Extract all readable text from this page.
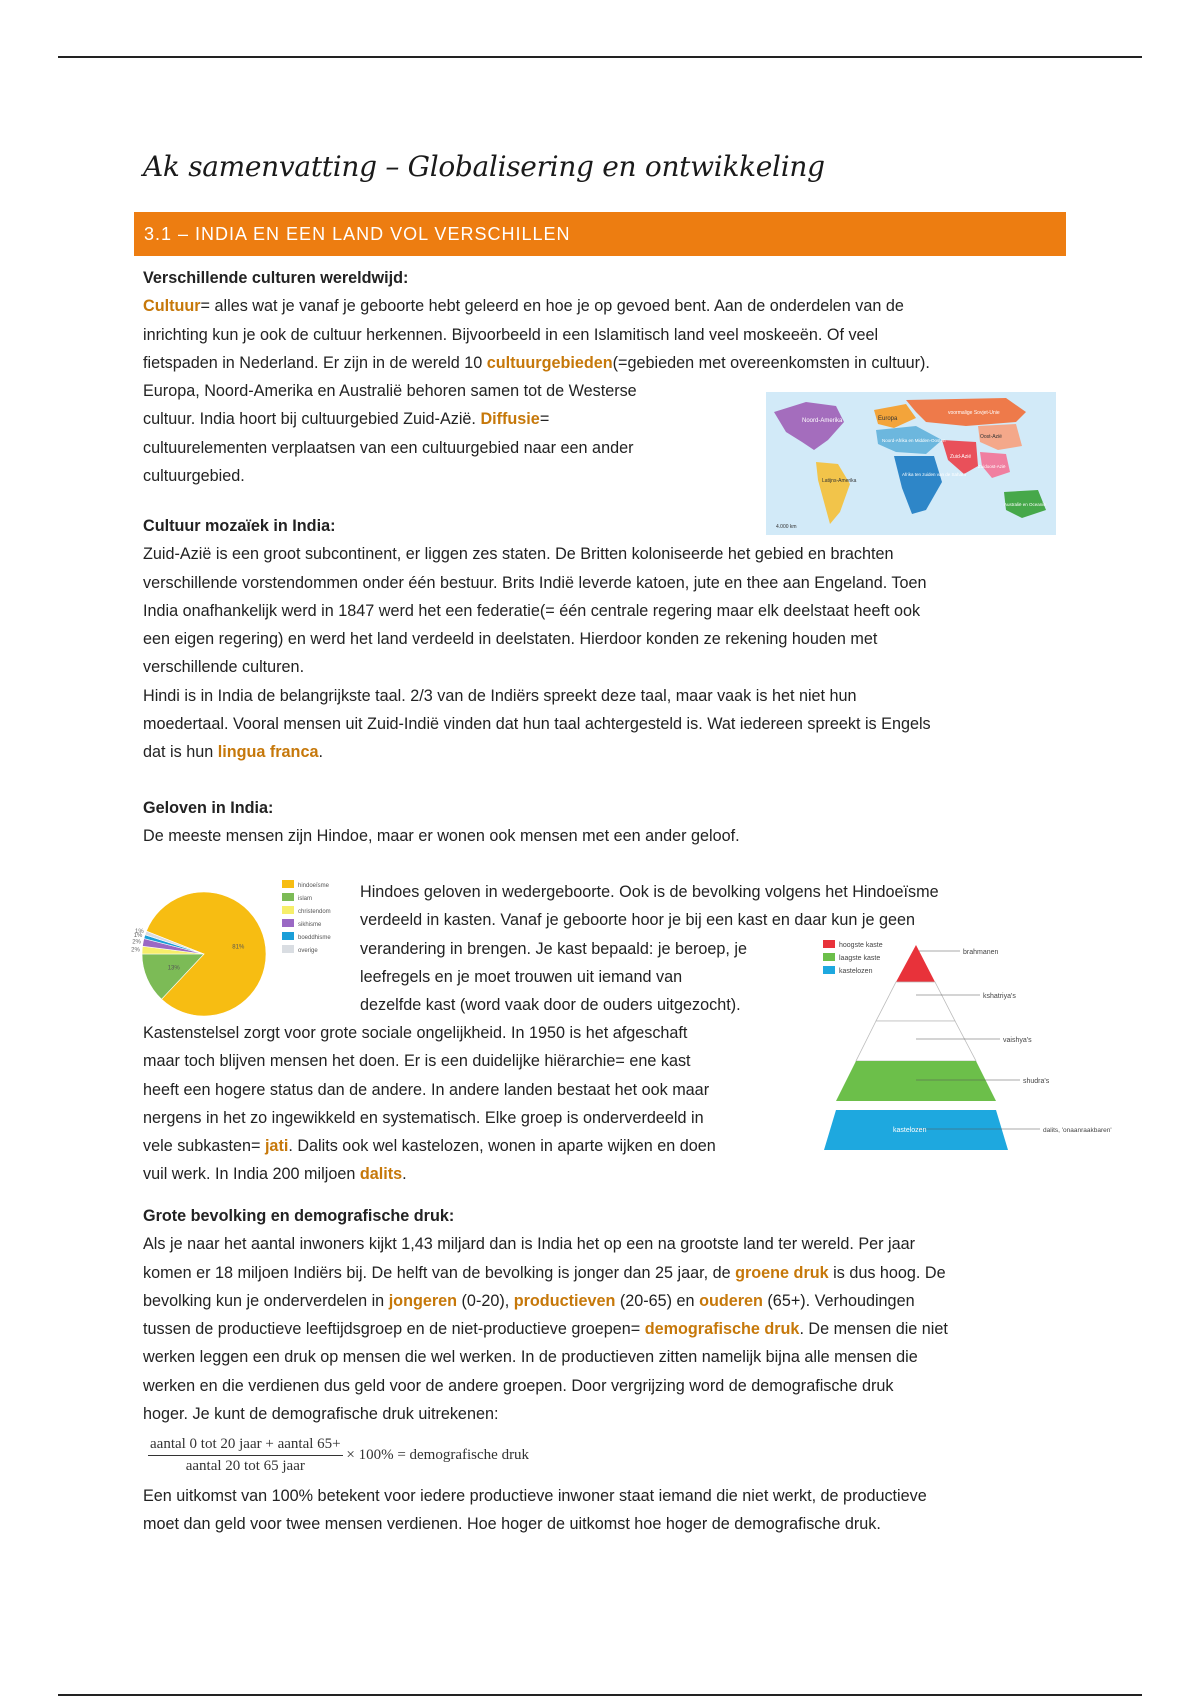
Ak samenvatting – Globalisering en ontwikkeling
3.1 – INDIA EN EEN LAND VOL VERSCHILLEN

Verschillende culturen wereldwijd:

Cultuur= alles wat je vanaf je geboorte hebt geleerd en hoe je op gevoed bent. Aan de onderdelen van de

inrichting kun je ook de cultuur herkennen. Bijvoorbeeld in een Islamitisch land veel moskeeën. Of veel

fietspaden in Nederland. Er zijn in de wereld 10 cultuurgebieden(=gebieden met overeenkomsten in cultuur).

Europa, Noord-Amerika en Australië behoren samen tot de Westerse

cultuur. India hoort bij cultuurgebied Zuid-Azië. Diffusie=

cultuurelementen verplaatsen van een cultuurgebied naar een ander

cultuurgebied.

Noord-Amerika	Europa
voormalige Sovjet-Unie
Noord-Afrika en Midden-Oosten
Oost-Azië
Zuid-Azië
Latijns-Amerika
Afrika ten zuiden van de Sahara
Zuidoost-Azië
Australië en Oceanië
4.000 km

Cultuur mozaïek in India:

Zuid-Azië is een groot subcontinent, er liggen zes staten. De Britten koloniseerde het gebied en brachten

verschillende vorstendommen onder één bestuur. Brits Indië leverde katoen, jute en thee aan Engeland. Toen

India onafhankelijk werd in 1847 werd het een federatie(= één centrale regering maar elk deelstaat heeft ook

een eigen regering) en werd het land verdeeld in deelstaten. Hierdoor konden ze rekening houden met

verschillende culturen.

Hindi is in India de belangrijkste taal. 2/3 van de Indiërs spreekt deze taal, maar vaak is het niet hun

moedertaal. Vooral mensen uit Zuid-Indië vinden dat hun taal achtergesteld is. Wat iedereen spreekt is Engels

dat is hun lingua franca.

Geloven in India:

De meeste mensen zijn Hindoe, maar er wonen ook mensen met een ander geloof.

81%
13%
2%
2%
1%
1%
hindoeïsme
islam
christendom
sikhisme
boeddhisme
overige

Hindoes geloven in wedergeboorte. Ook is de bevolking volgens het Hindoeïsme

verdeeld in kasten. Vanaf je geboorte hoor je bij een kast en daar kun je geen

verandering in brengen. Je kast bepaald: je beroep, je

leefregels en je moet trouwen uit iemand van

dezelfde kast (word vaak door de ouders uitgezocht).

Kastenstelsel zorgt voor grote sociale ongelijkheid. In 1950 is het afgeschaft

maar toch blijven mensen het doen. Er is een duidelijke hiërarchie= ene kast

heeft een hogere status dan de andere. In andere landen bestaat het ook maar

nergens in het zo ingewikkeld en systematisch. Elke groep is onderverdeeld in

vele subkasten= jati. Dalits ook wel kastelozen, wonen in aparte wijken en doen

vuil werk. In India 200 miljoen dalits.

hoogste kaste
laagste kaste
kastelozen
brahmanen
kshatriya's
vaishya's
shudra's
dalits, 'onaanraakbaren'
kastelozen

Grote bevolking en demografische druk:

Als je naar het aantal inwoners kijkt 1,43 miljard dan is India het op een na grootste land ter wereld. Per jaar

komen er 18 miljoen Indiërs bij. De helft van de bevolking is jonger dan 25 jaar, de groene druk is dus hoog. De

bevolking kun je onderverdelen in jongeren (0-20), productieven (20-65) en ouderen (65+). Verhoudingen

tussen de productieve leeftijdsgroep en de niet-productieve groepen= demografische druk. De mensen die niet

werken leggen een druk op mensen die wel werken. In de productieven zitten namelijk bijna alle mensen die

werken en die verdienen dus geld voor de andere groepen. Door vergrijzing word de demografische druk

hoger. Je kunt de demografische druk uitrekenen:

$\frac{\text{aantal 0 tot 20 jaar + aantal 65+}}{\text{aantal 20 tot 65 jaar}} \times 100\%$ = demografische druk

Een uitkomst van 100% betekent voor iedere productieve inwoner staat iemand die niet werkt, de productieve

moet dan geld voor twee mensen verdienen. Hoe hoger de uitkomst hoe hoger de demografische druk.
